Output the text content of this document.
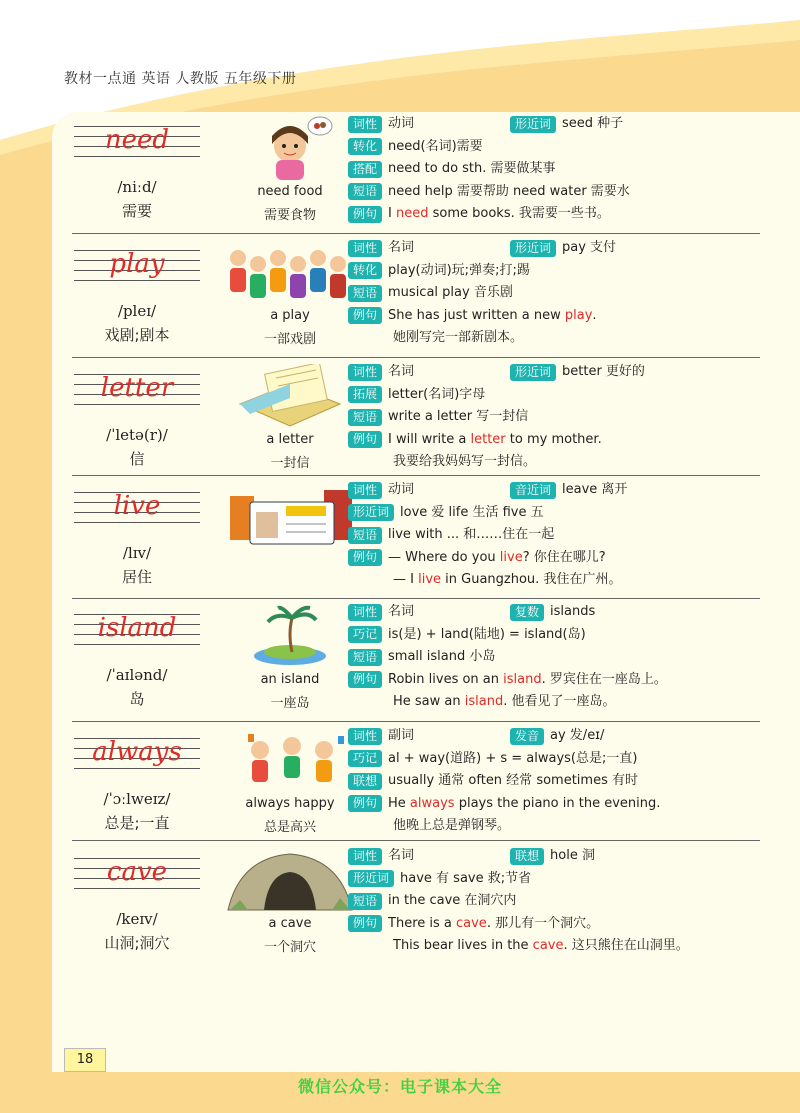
教材一点通 英语 人教版 五年级下册
need
/niːd/
需要
need food
需要食物
词性 动词	形近词 seed 种子
转化 need(名词)需要
搭配 need to do sth. 需要做某事
短语 need help 需要帮助 need water 需要水
例句 I need some books. 我需要一些书。
play
/pleɪ/
戏剧;剧本
a play
一部戏剧
词性 名词	形近词 pay 支付
转化 play(动词)玩;弹奏;打;踢
短语 musical play 音乐剧
例句 She has just written a new play.
她刚写完一部新剧本。
letter
/ˈletə(r)/
信
a letter
一封信
词性 名词	形近词 better 更好的
拓展 letter(名词)字母
短语 write a letter 写一封信
例句 I will write a letter to my mother.
我要给我妈妈写一封信。
live
/lɪv/
居住
词性 动词	音近词 leave 离开
形近词 love 爱 life 生活 five 五
短语 live with ... 和……住在一起
例句 — Where do you live? 你住在哪儿?
— I live in Guangzhou. 我住在广州。
island
/ˈaɪlənd/
岛
an island
一座岛
词性 名词	复数 islands
巧记 is(是) + land(陆地) = island(岛)
短语 small island 小岛
例句 Robin lives on an island. 罗宾住在一座岛上。
He saw an island. 他看见了一座岛。
always
/ˈɔːlweɪz/
总是;一直
always happy
总是高兴
词性 副词	发音 ay 发/eɪ/
巧记 al + way(道路) + s = always(总是;一直)
联想 usually 通常 often 经常 sometimes 有时
例句 He always plays the piano in the evening.
他晚上总是弹钢琴。
cave
/keɪv/
山洞;洞穴
a cave
一个洞穴
词性 名词	联想 hole 洞
形近词 have 有 save 救;节省
短语 in the cave 在洞穴内
例句 There is a cave. 那儿有一个洞穴。
This bear lives in the cave. 这只熊住在山洞里。
18
微信公众号：电子课本大全
